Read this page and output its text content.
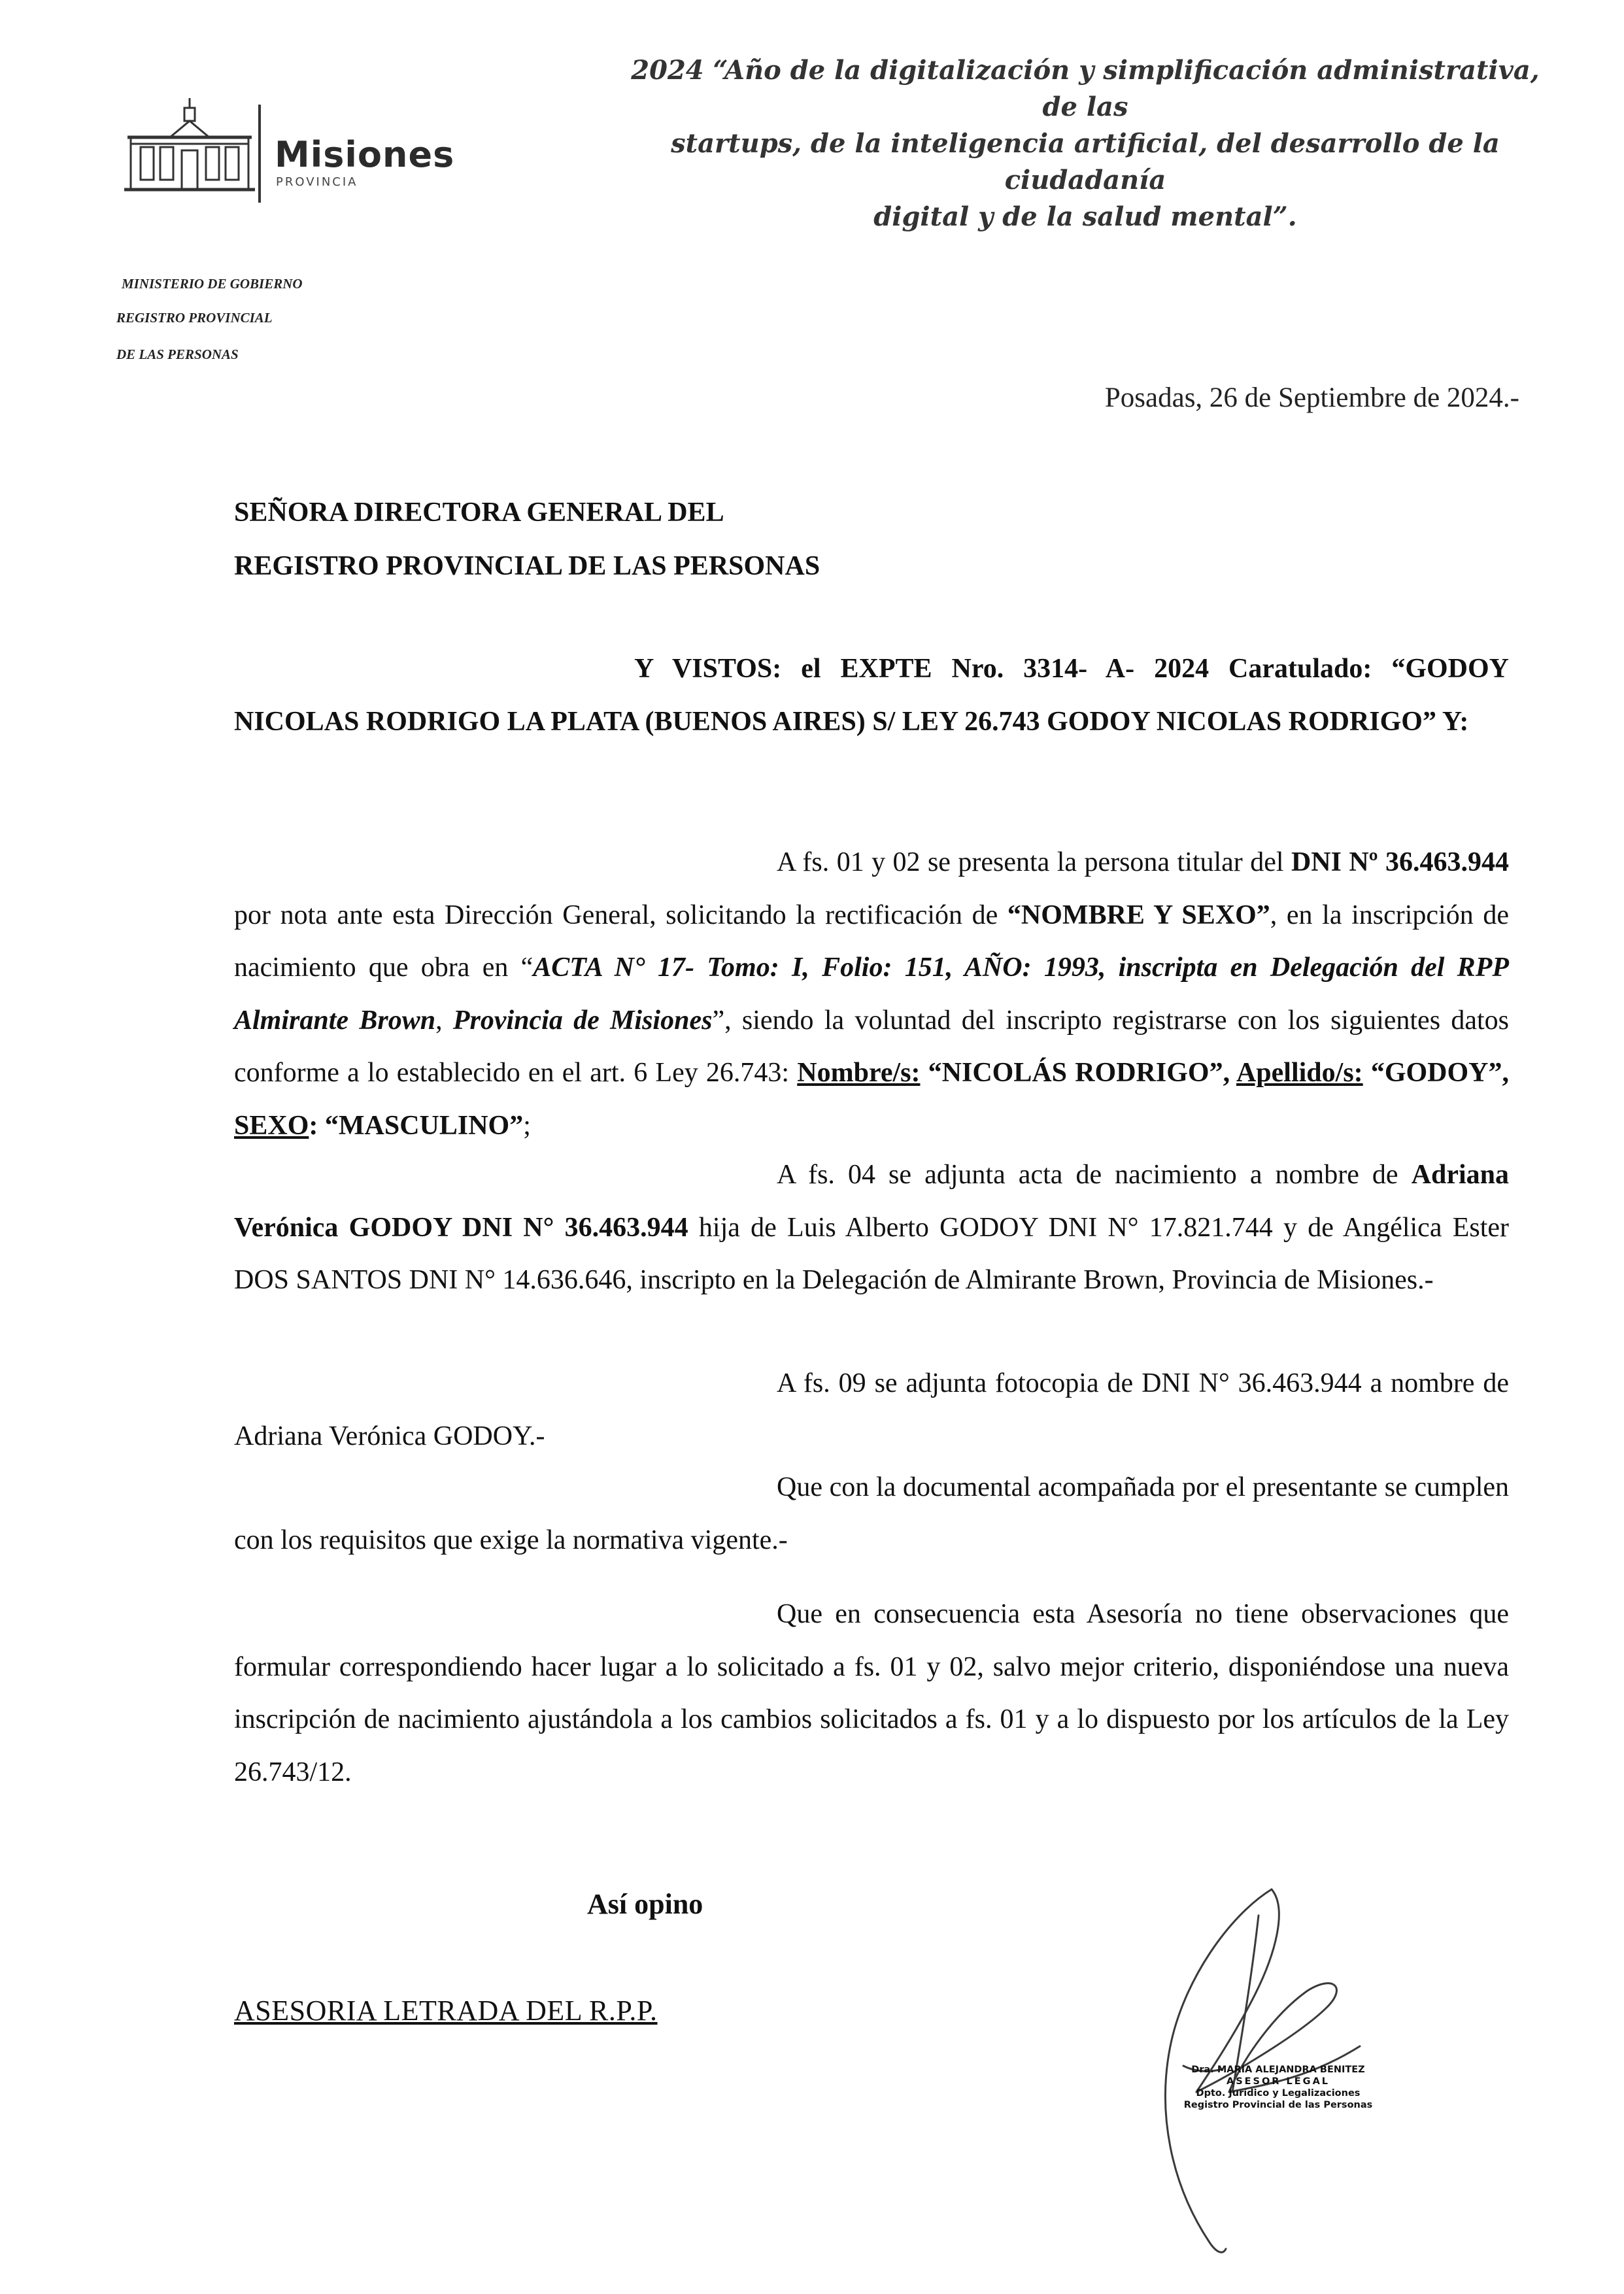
Misiones
PROVINCIA
2024 “Año de la digitalización y simplificación administrativa, de las
startups, de la inteligencia artificial, del desarrollo de la ciudadanía
digital y de la salud mental”.
MINISTERIO DE GOBIERNO
REGISTRO PROVINCIAL
DE LAS PERSONAS
Posadas, 26 de Septiembre de 2024.-
SEÑORA DIRECTORA GENERAL DEL
REGISTRO PROVINCIAL DE LAS PERSONAS
Y VISTOS: el EXPTE Nro. 3314- A- 2024 Caratulado: “GODOY NICOLAS RODRIGO LA PLATA (BUENOS AIRES) S/ LEY 26.743 GODOY NICOLAS RODRIGO” Y:
A fs. 01 y 02 se presenta la persona titular del DNI Nº 36.463.944 por nota ante esta Dirección General, solicitando la rectificación de “NOMBRE Y SEXO”, en la inscripción de nacimiento que obra en “ACTA N° 17- Tomo: I, Folio: 151, AÑO: 1993, inscripta en Delegación del RPP Almirante Brown, Provincia de Misiones”, siendo la voluntad del inscripto registrarse con los siguientes datos conforme a lo establecido en el art. 6 Ley 26.743: Nombre/s: “NICOLÁS RODRIGO”, Apellido/s: “GODOY”, SEXO: “MASCULINO”;
A fs. 04 se adjunta acta de nacimiento a nombre de Adriana Verónica GODOY DNI N° 36.463.944 hija de Luis Alberto GODOY DNI N° 17.821.744 y de Angélica Ester DOS SANTOS DNI N° 14.636.646, inscripto en la Delegación de Almirante Brown, Provincia de Misiones.-
A fs. 09 se adjunta fotocopia de DNI N° 36.463.944 a nombre de Adriana Verónica GODOY.-
Que con la documental acompañada por el presentante se cumplen con los requisitos que exige la normativa vigente.-
Que en consecuencia esta Asesoría no tiene observaciones que formular correspondiendo hacer lugar a lo solicitado a fs. 01 y 02, salvo mejor criterio, disponiéndose una nueva inscripción de nacimiento ajustándola a los cambios solicitados a fs. 01 y a lo dispuesto por los artículos de la Ley 26.743/12.
Así opino
ASESORIA LETRADA DEL R.P.P.
Dra. MARIA ALEJANDRA BENITEZ
ASESOR LEGAL
Dpto. Jurídico y Legalizaciones
Registro Provincial de las Personas
